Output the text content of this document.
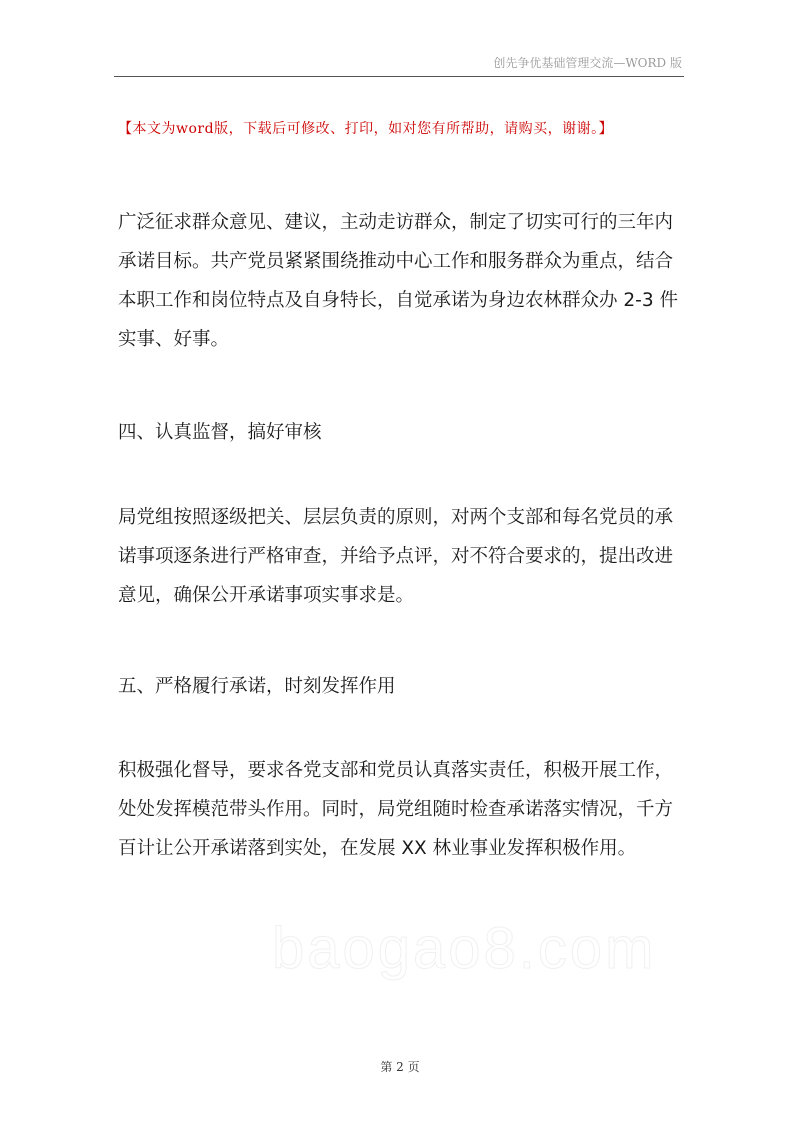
创先争优基础管理交流—WORD 版
【本文为word版，下载后可修改、打印，如对您有所帮助，请购买，谢谢。】

广泛征求群众意见、建议，主动走访群众，制定了切实可行的三年内
承诺目标。共产党员紧紧围绕推动中心工作和服务群众为重点，结合
本职工作和岗位特点及自身特长，自觉承诺为身边农林群众办 2-3 件
实事、好事。

四、认真监督，搞好审核

局党组按照逐级把关、层层负责的原则，对两个支部和每名党员的承
诺事项逐条进行严格审查，并给予点评，对不符合要求的，提出改进
意见，确保公开承诺事项实事求是。

五、严格履行承诺，时刻发挥作用

积极强化督导，要求各党支部和党员认真落实责任，积极开展工作，
处处发挥模范带头作用。同时，局党组随时检查承诺落实情况，千方
百计让公开承诺落到实处，在发展 XX 林业事业发挥积极作用。

baogao8.com
第 2 页
